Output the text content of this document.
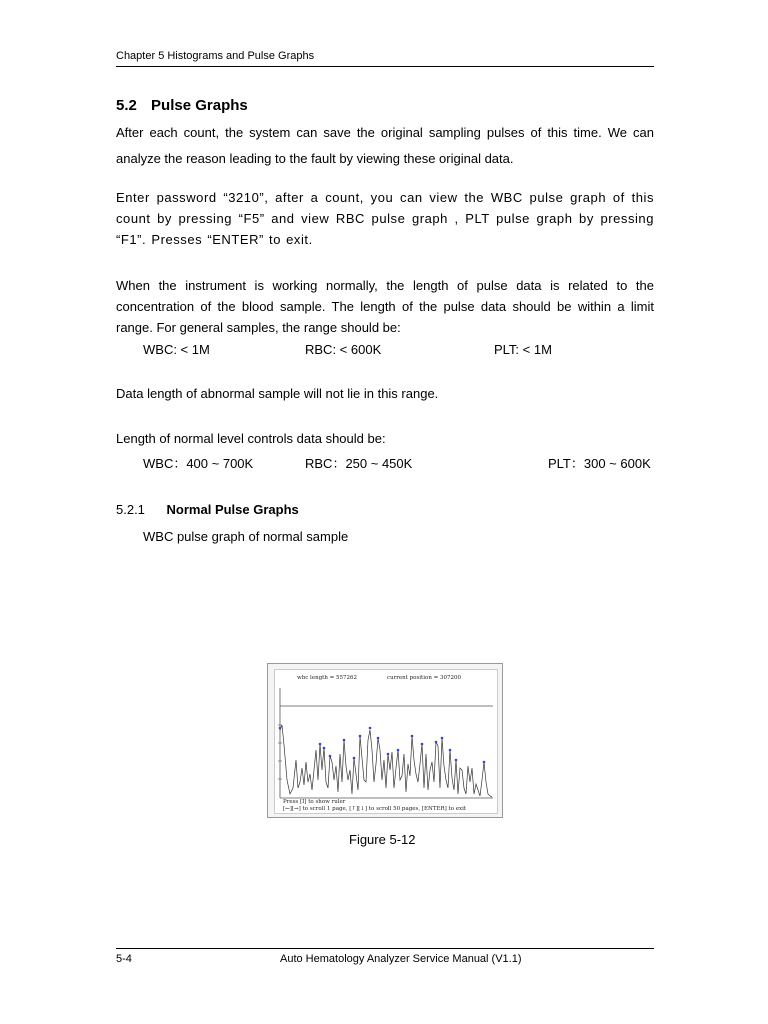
Chapter 5 Histograms and Pulse Graphs
5.2 Pulse Graphs
After each count, the system can save the original sampling pulses of this time. We can analyze the reason leading to the fault by viewing these original data.
Enter password “3210”, after a count, you can view the WBC pulse graph of this count by pressing “F5” and view RBC pulse graph , PLT pulse graph by pressing “F1”. Presses “ENTER” to exit.
When the instrument is working normally, the length of pulse data is related to the concentration of the blood sample. The length of the pulse data should be within a limit range. For general samples, the range should be:
WBC: < 1M	RBC: < 600K	PLT: < 1M
Data length of abnormal sample will not lie in this range.
Length of normal level controls data should be:
WBC：400 ~ 700K	RBC：250 ~ 450K	PLT：300 ~ 600K
5.2.1 Normal Pulse Graphs
WBC pulse graph of normal sample
wbc length = 557262	current position = 307200
Press [I] to show ruler
[←][→] to scroll 1 page, [↑][↓] to scroll 50 pages, [ENTER] to exit
Figure 5-12
5-4	Auto Hematology Analyzer Service Manual (V1.1)
